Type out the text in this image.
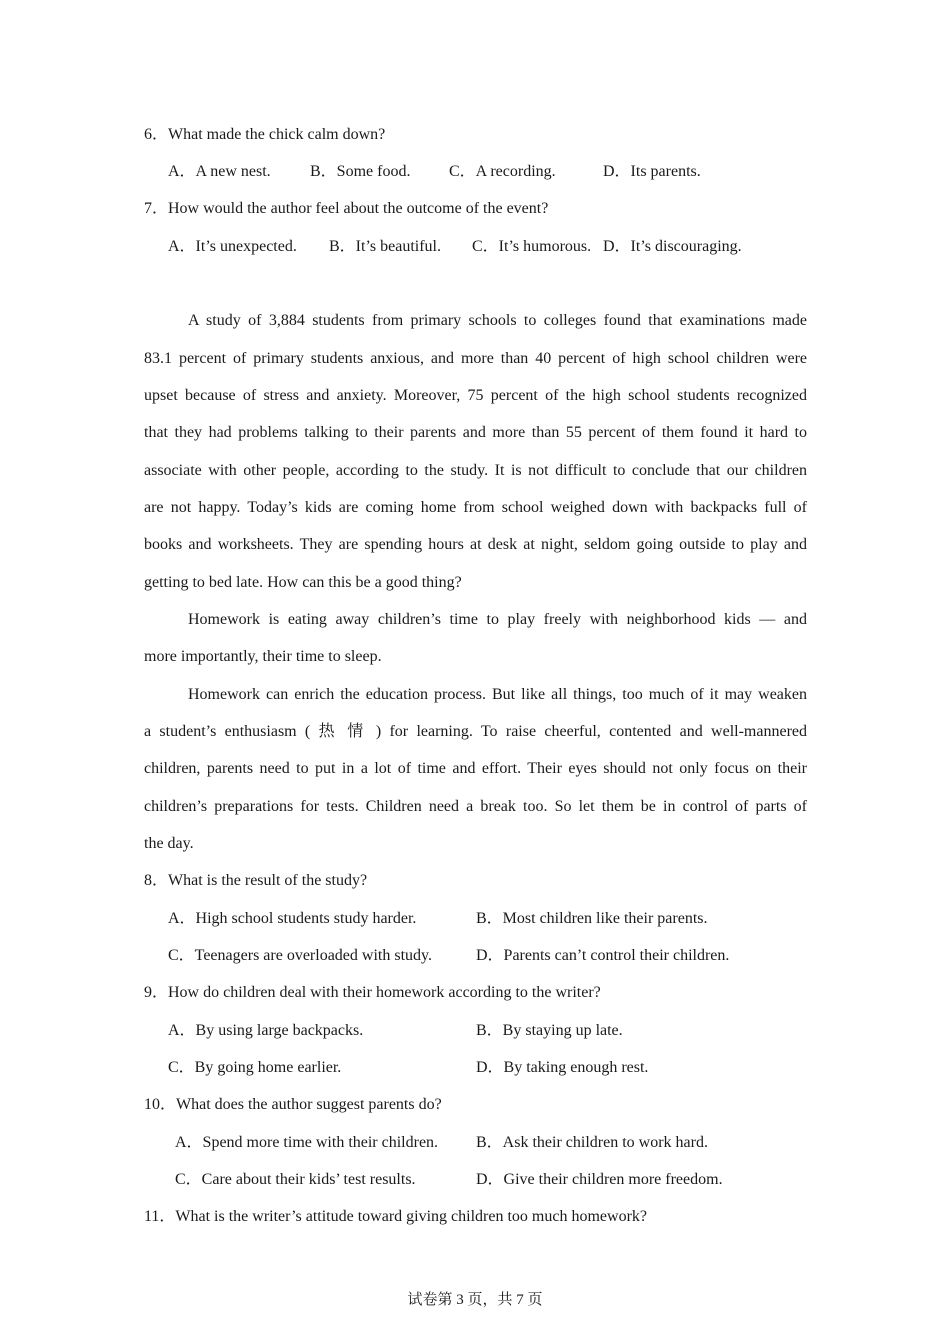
6．What made the chick calm down?
A．A new nest. B．Some food. C．A recording.	D．Its parents.
7．How would the author feel about the outcome of the event?
A．It’s unexpected. B．It’s beautiful. C．It’s humorous. D．It’s discouraging.
A study of 3,884 students from primary schools to colleges found that examinations made
83.1 percent of primary students anxious, and more than 40 percent of high school children were
upset because of stress and anxiety. Moreover, 75 percent of the high school students recognized
that they had problems talking to their parents and more than 55 percent of them found it hard to
associate with other people, according to the study. It is not difficult to conclude that our children
are not happy. Today’s kids are coming home from school weighed down with backpacks full of
books and worksheets. They are spending hours at desk at night, seldom going outside to play and
getting to bed late. How can this be a good thing?
Homework is eating away children’s time to play freely with neighborhood kids — and
more importantly, their time to sleep.
Homework can enrich the education process. But like all things, too much of it may weaken
a student’s enthusiasm ( 热 情 ) for learning. To raise cheerful, contented and well-mannered
children, parents need to put in a lot of time and effort. Their eyes should not only focus on their
children’s preparations for tests. Children need a break too. So let them be in control of parts of
the day.
8．What is the result of the study?
A．High school students study harder.	B．Most children like their parents.
C．Teenagers are overloaded with study.	D．Parents can’t control their children.
9．How do children deal with their homework according to the writer?
A．By using large backpacks.	B．By staying up late.
C．By going home earlier.	D．By taking enough rest.
10．What does the author suggest parents do?
A．Spend more time with their children. B．Ask their children to work hard.
C．Care about their kids’ test results.	D．Give their children more freedom.
11．What is the writer’s attitude toward giving children too much homework?
试卷第 3 页，共 7 页
